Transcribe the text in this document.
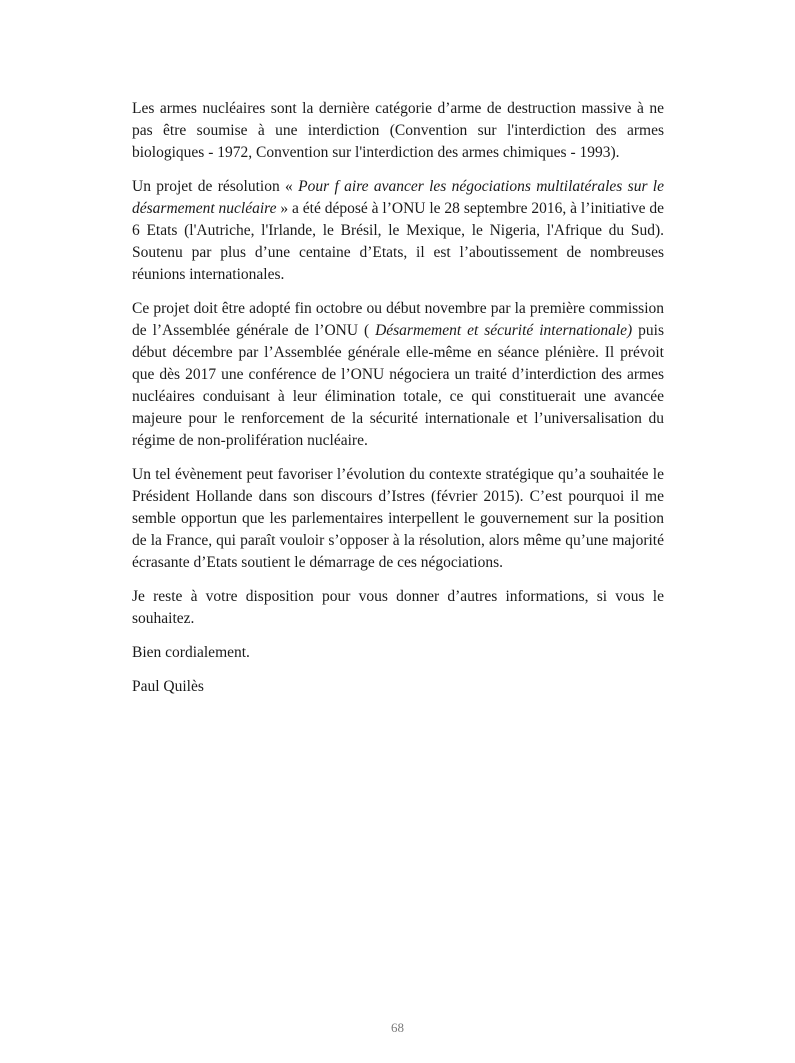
Les armes nucléaires sont la dernière catégorie d’arme de destruction massive à ne pas être soumise à une interdiction (Convention sur l'interdiction des armes biologiques - 1972, Convention sur l'interdiction des armes chimiques - 1993).

Un projet de résolution « Pour f aire avancer les négociations multilatérales sur le désarmement nucléaire » a été déposé à l’ONU le 28 septembre 2016, à l’initiative de 6 Etats (l'Autriche, l'Irlande, le Brésil, le Mexique, le Nigeria, l'Afrique du Sud). Soutenu par plus d’une centaine d’Etats, il est l’aboutissement de nombreuses réunions internationales.

Ce projet doit être adopté fin octobre ou début novembre par la première commission de l’Assemblée générale de l’ONU ( Désarmement et sécurité internationale) puis début décembre par l’Assemblée générale elle-même en séance plénière. Il prévoit que dès 2017 une conférence de l’ONU négociera un traité d’interdiction des armes nucléaires conduisant à leur élimination totale, ce qui constituerait une avancée majeure pour le renforcement de la sécurité internationale et l’universalisation du régime de non-prolifération nucléaire.

Un tel évènement peut favoriser l’évolution du contexte stratégique qu’a souhaitée le Président Hollande dans son discours d’Istres (février 2015). C’est pourquoi il me semble opportun que les parlementaires interpellent le gouvernement sur la position de la France, qui paraît vouloir s’opposer à la résolution, alors même qu’une majorité écrasante d’Etats soutient le démarrage de ces négociations.

Je reste à votre disposition pour vous donner d’autres informations, si vous le souhaitez.

Bien cordialement.

Paul Quilès

68
